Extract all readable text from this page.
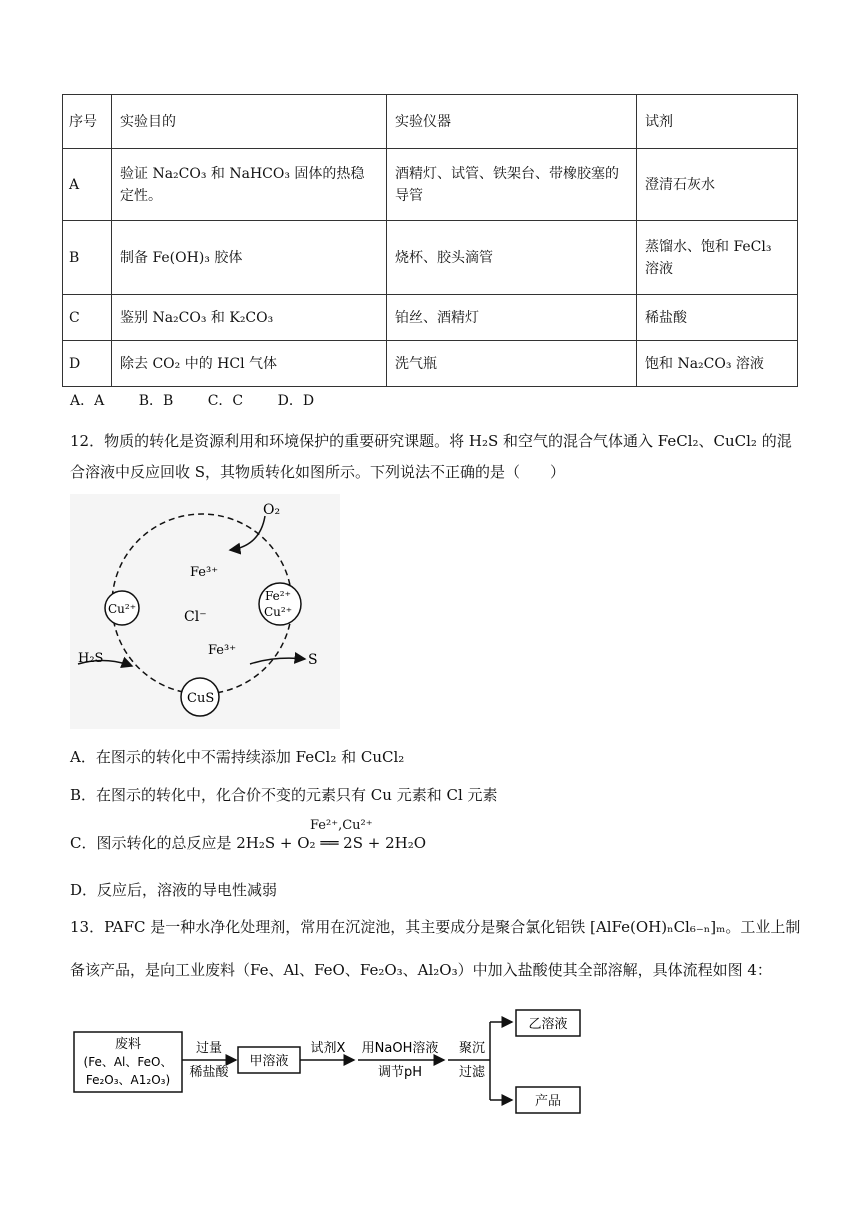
序号	实验目的	实验仪器	试剂
A	验证 Na₂CO₃ 和 NaHCO₃ 固体的热稳定性。	酒精灯、试管、铁架台、带橡胶塞的导管	澄清石灰水
B	制备 Fe(OH)₃ 胶体	烧杯、胶头滴管	蒸馏水、饱和 FeCl₃ 溶液
C	鉴别 Na₂CO₃ 和 K₂CO₃	铂丝、酒精灯	稀盐酸
D	除去 CO₂ 中的 HCl 气体	洗气瓶	饱和 Na₂CO₃ 溶液
A．A B．B C．C D．D
12．物质的转化是资源利用和环境保护的重要研究课题。将 H₂S 和空气的混合气体通入 FeCl₂、CuCl₂ 的混
合溶液中反应回收 S，其物质转化如图所示。下列说法不正确的是（　　）
O₂
Fe³⁺
Cu²⁺	Cl⁻
Fe²⁺
Cu²⁺
Fe³⁺
H₂S	S
CuS
A．在图示的转化中不需持续添加 FeCl₂ 和 CuCl₂
B．在图示的转化中，化合价不变的元素只有 Cu 元素和 Cl 元素
Fe²⁺,Cu²⁺
C．图示转化的总反应是 2H₂S + O₂ ══ 2S + 2H₂O
D．反应后，溶液的导电性减弱
13．PAFC 是一种水净化处理剂，常用在沉淀池，其主要成分是聚合氯化铝铁 [AlFe(OH)ₙCl₆₋ₙ]ₘ。工业上制
备该产品，是向工业废料（Fe、Al、FeO、Fe₂O₃、Al₂O₃）中加入盐酸使其全部溶解，具体流程如图 4：
废料
(Fe、Al、FeO、
Fe₂O₃、A1₂O₃)
过量
稀盐酸
甲溶液
试剂X 用NaOH溶液
调节pH
聚沉
过滤
乙溶液
产品
